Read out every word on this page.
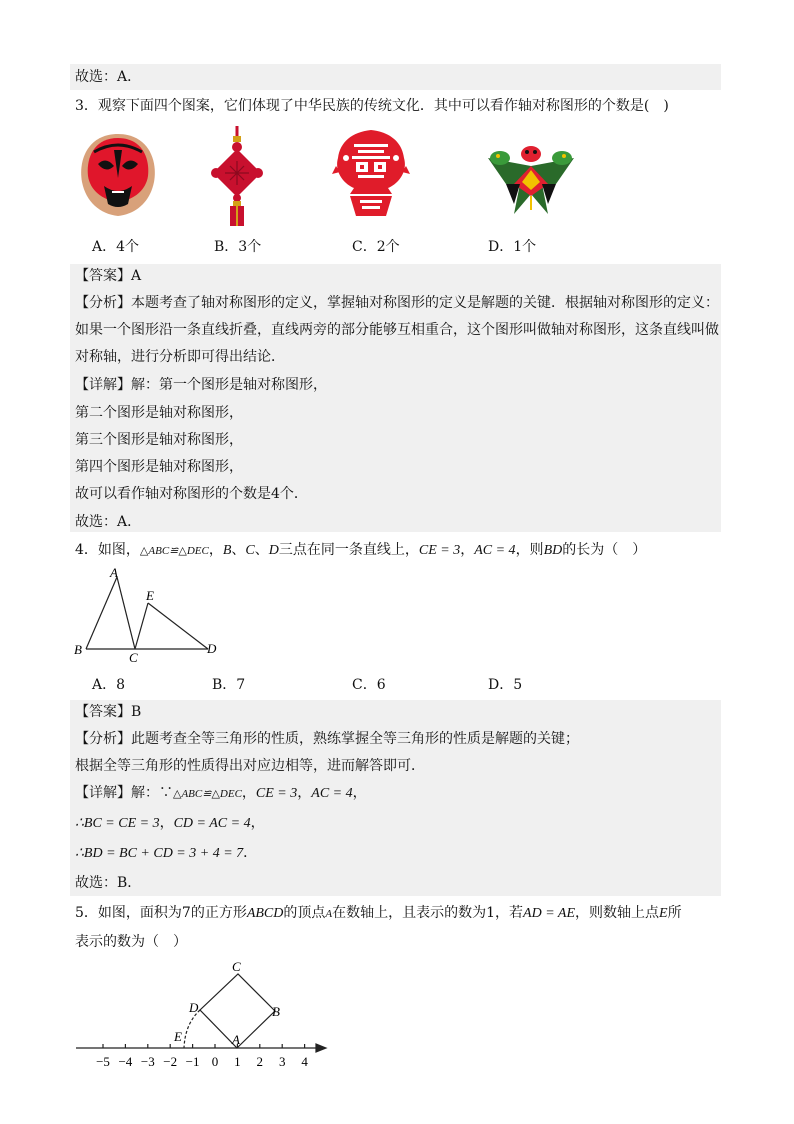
故选：A．
3．观察下面四个图案，它们体现了中华民族的传统文化．其中可以看作轴对称图形的个数是(　)
A．4个	B．3个	C．2个	D．1个
【答案】A
【分析】本题考查了轴对称图形的定义，掌握轴对称图形的定义是解题的关键．根据轴对称图形的定义：
如果一个图形沿一条直线折叠，直线两旁的部分能够互相重合，这个图形叫做轴对称图形，这条直线叫做
对称轴，进行分析即可得出结论．
【详解】解：第一个图形是轴对称图形，
第二个图形是轴对称图形，
第三个图形是轴对称图形，
第四个图形是轴对称图形，
故可以看作轴对称图形的个数是4个．
故选：A．
4．如图，△ABC≌△DEC，B、C、D三点在同一条直线上，CE = 3，AC = 4，则BD的长为（　）
A
B
C
D
E
A．8	B．7	C．6	D．5
【答案】B
【分析】此题考查全等三角形的性质，熟练掌握全等三角形的性质是解题的关键；
根据全等三角形的性质得出对应边相等，进而解答即可．
【详解】解：∵△ABC≌△DEC，CE = 3，AC = 4，
∴BC = CE = 3，CD = AC = 4，
∴BD = BC + CD = 3 + 4 = 7．
故选：B．
5．如图，面积为7的正方形ABCD的顶点A在数轴上，且表示的数为1，若AD = AE，则数轴上点E所
表示的数为（　）
−5 −4 −3 −2 −1 0 1 2 3 4
A
B
C
D
E
